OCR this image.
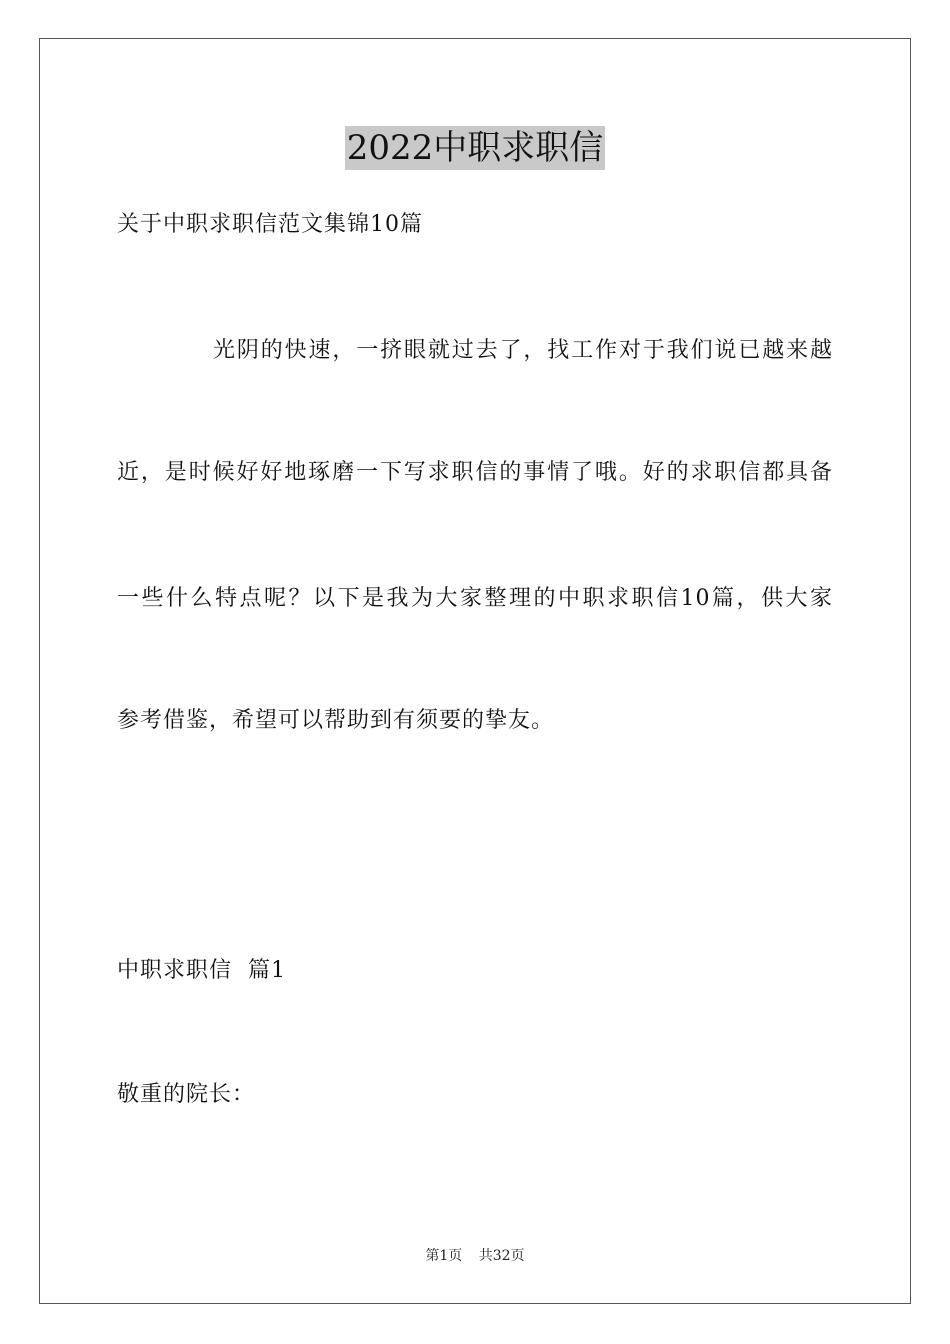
2022中职求职信
关于中职求职信范文集锦10篇
光阴的快速，一挤眼就过去了，找工作对于我们说已越来越
近，是时候好好地琢磨一下写求职信的事情了哦。好的求职信都具备
一些什么特点呢？以下是我为大家整理的中职求职信10篇，供大家
参考借鉴，希望可以帮助到有须要的挚友。
中职求职信  篇1
敬重的院长：
第1页 共32页
